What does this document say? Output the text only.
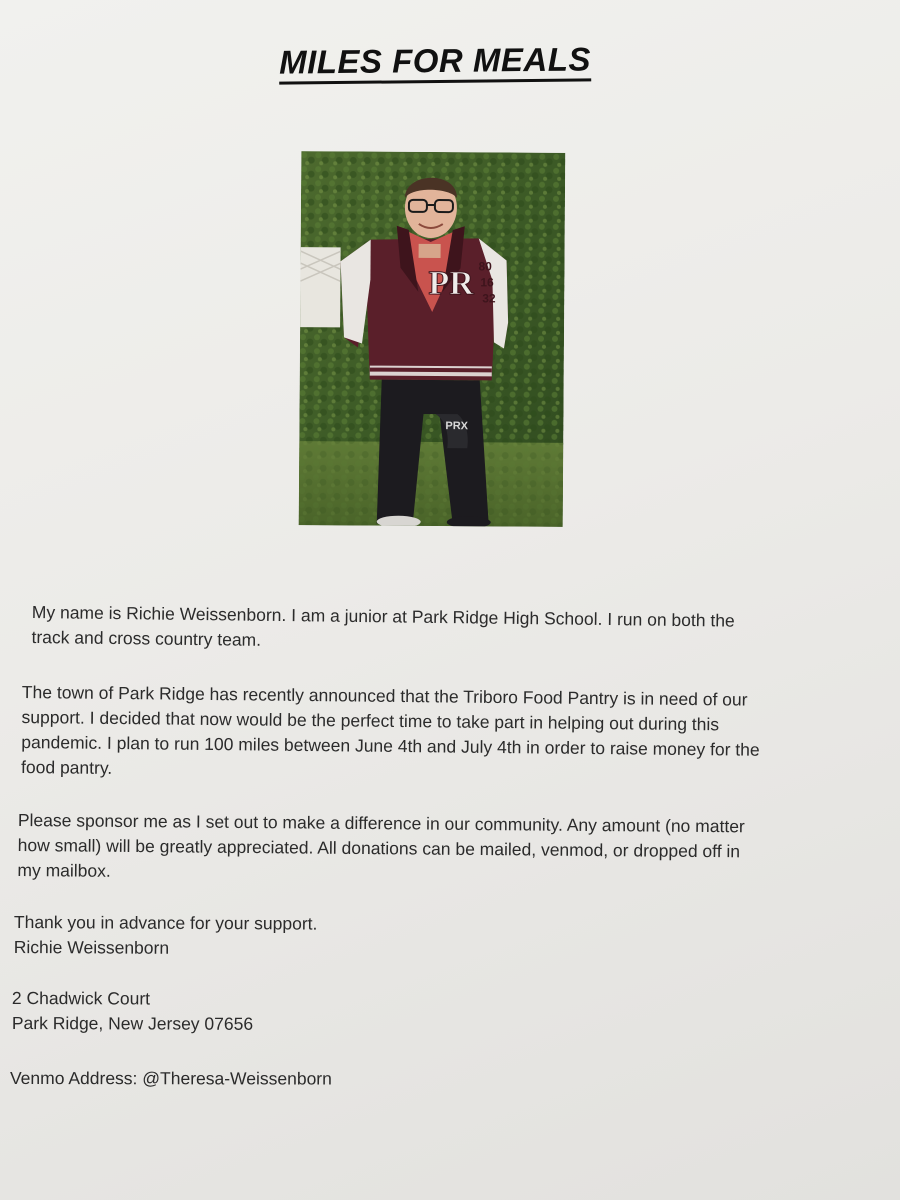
MILES FOR MEALS
PRX
PR 80
16
32
My name is Richie Weissenborn. I am a junior at Park Ridge High School. I run on both the
track and cross country team.
The town of Park Ridge has recently announced that the Triboro Food Pantry is in need of our
support. I decided that now would be the perfect time to take part in helping out during this
pandemic. I plan to run 100 miles between June 4th and July 4th in order to raise money for the
food pantry.
Please sponsor me as I set out to make a difference in our community. Any amount (no matter
how small) will be greatly appreciated. All donations can be mailed, venmod, or dropped off in
my mailbox.
Thank you in advance for your support.
Richie Weissenborn
2 Chadwick Court
Park Ridge, New Jersey 07656
Venmo Address: @Theresa-Weissenborn
